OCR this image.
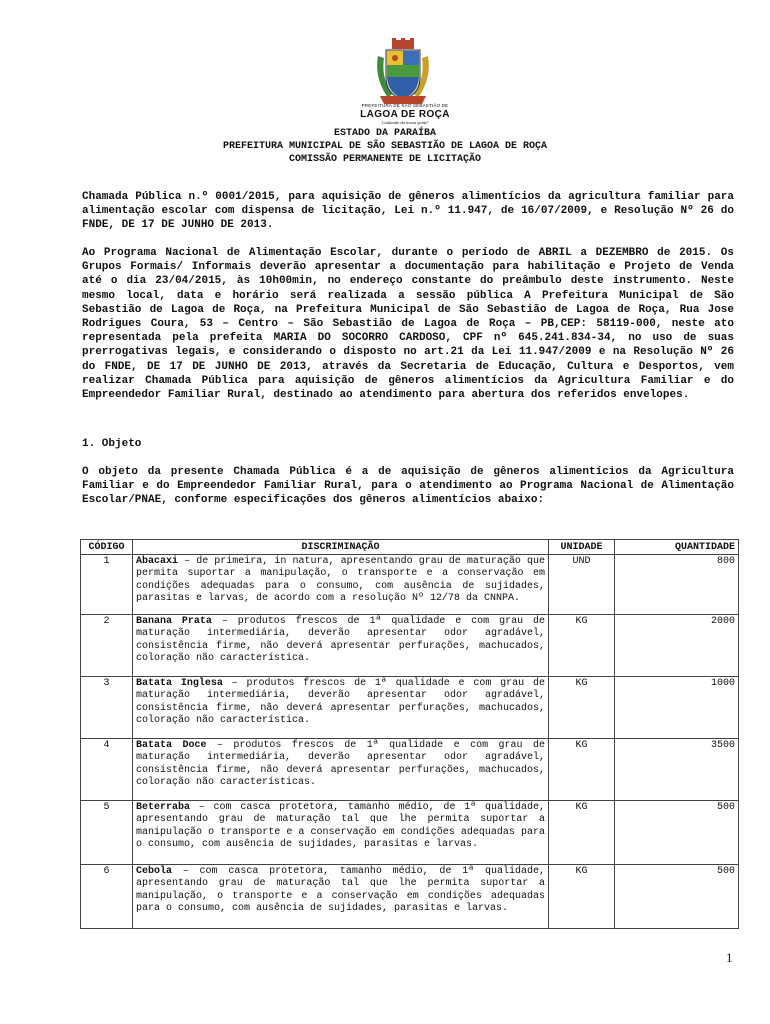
PREFEITURA DE SÃO SEBASTIÃO DE
LAGOA DE ROÇA
Cuidando da nossa gente!
ESTADO DA PARAÍBA
PREFEITURA MUNICIPAL DE SÃO SEBASTIÃO DE LAGOA DE ROÇA
COMISSÃO PERMANENTE DE LICITAÇÃO
Chamada Pública n.º 0001/2015, para aquisição de gêneros alimentícios da agricultura familiar para alimentação escolar com dispensa de licitação, Lei n.º 11.947, de 16/07/2009, e Resolução Nº 26 do FNDE, DE 17 DE JUNHO DE 2013.
Ao Programa Nacional de Alimentação Escolar, durante o período de ABRIL a DEZEMBRO de 2015. Os Grupos Formais/ Informais deverão apresentar a documentação para habilitação e Projeto de Venda até o dia 23/04/2015, às 10h00min, no endereço constante do preâmbulo deste instrumento. Neste mesmo local, data e horário será realizada a sessão pública A Prefeitura Municipal de São Sebastião de Lagoa de Roça, na Prefeitura Municipal de São Sebastião de Lagoa de Roça, Rua Jose Rodrigues Coura, 53 – Centro – São Sebastião de Lagoa de Roça – PB,CEP: 58119-000, neste ato representada pela prefeita MARIA DO SOCORRO CARDOSO, CPF nº 645.241.834-34, no uso de suas prerrogativas legais, e considerando o disposto no art.21 da Lei 11.947/2009 e na Resolução Nº 26 do FNDE, DE 17 DE JUNHO DE 2013, através da Secretaria de Educação, Cultura e Desportos, vem realizar Chamada Pública para aquisição de gêneros alimentícios da Agricultura Familiar e do Empreendedor Familiar Rural, destinado ao atendimento para abertura dos referidos envelopes.
1. Objeto
O objeto da presente Chamada Pública é a de aquisição de gêneros alimentícios da Agricultura Familiar e do Empreendedor Familiar Rural, para o atendimento ao Programa Nacional de Alimentação Escolar/PNAE, conforme especificações dos gêneros alimentícios abaixo:
CÓDIGO	DISCRIMINAÇÃO	UNIDADE	QUANTIDADE
1	Abacaxi – de primeira, in natura, apresentando grau de maturação que permita suportar a manipulação, o transporte e a conservação em condições adequadas para o consumo, com ausência de sujidades, parasitas e larvas, de acordo com a resolução Nº 12/78 da CNNPA.	UND	800
2	Banana Prata – produtos frescos de 1ª qualidade e com grau de maturação intermediária, deverão apresentar odor agradável, consistência firme, não deverá apresentar perfurações, machucados, coloração não característica.	KG	2000
3	Batata Inglesa – produtos frescos de 1ª qualidade e com grau de maturação intermediária, deverão apresentar odor agradável, consistência firme, não deverá apresentar perfurações, machucados, coloração não característica.	KG	1000
4	Batata Doce – produtos frescos de 1ª qualidade e com grau de maturação intermediária, deverão apresentar odor agradável, consistência firme, não deverá apresentar perfurações, machucados, coloração não características.	KG	3500
5	Beterraba – com casca protetora, tamanho médio, de 1ª qualidade, apresentando grau de maturação tal que lhe permita suportar a manipulação o transporte e a conservação em condições adequadas para o consumo, com ausência de sujidades, parasitas e larvas.	KG	500
6	Cebola – com casca protetora, tamanho médio, de 1ª qualidade, apresentando grau de maturação tal que lhe permita suportar a manipulação, o transporte e a conservação em condições adequadas para o consumo, com ausência de sujidades, parasitas e larvas.	KG	500
1
